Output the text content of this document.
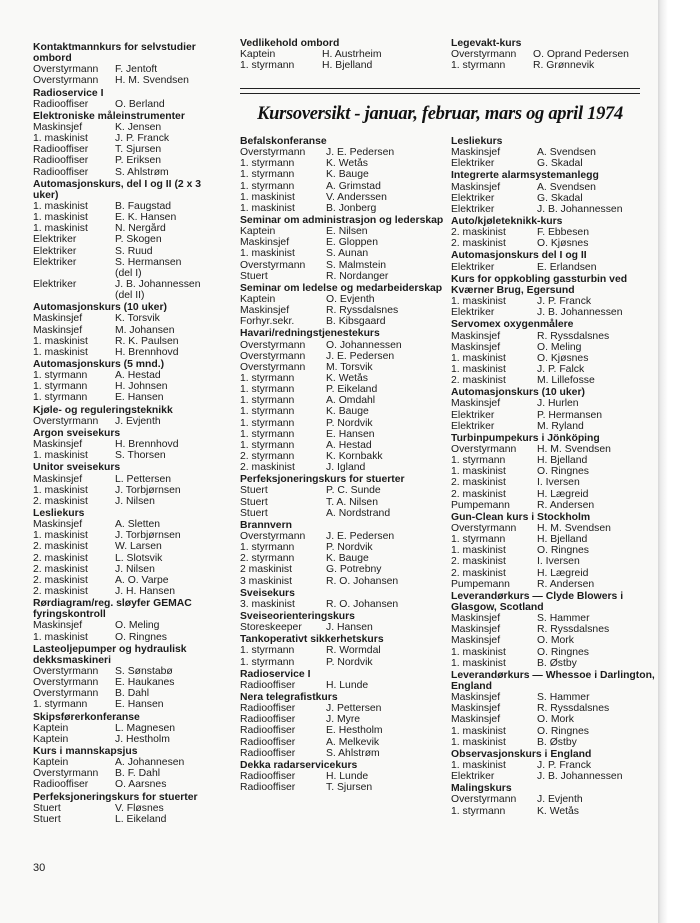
Kontaktmannkurs for selvstudier ombord
Overstyrmann F. Jentoft
Overstyrmann H. M. Svendsen
Radioservice I
Radiooffiser	O. Berland
Elektroniske måleinstrumenter
Maskinsjef	K. Jensen
1. maskinist	J. P. Franck
Radiooffiser	T. Sjursen
Radiooffiser	P. Eriksen
Radiooffiser	S. Ahlstrøm
Automasjonskurs, del I og II (2 x 3 uker)
1. maskinist	B. Faugstad
1. maskinist	E. K. Hansen
1. maskinist	N. Nergård
Elektriker	P. Skogen
Elektriker	S. Ruud
Elektriker	S. Hermansen
(del I)
Elektriker	J. B. Johannessen
(del II)
Automasjonskurs (10 uker)
Maskinsjef	K. Torsvik
Maskinsjef	M. Johansen
1. maskinist	R. K. Paulsen
1. maskinist	H. Brennhovd
Automasjonskurs (5 mnd.)
1. styrmann	A. Hestad
1. styrmann	H. Johnsen
1. styrmann	E. Hansen
Kjøle- og reguleringsteknikk
Overstyrmann J. Evjenth
Argon sveisekurs
Maskinsjef	H. Brennhovd
1. maskinist	S. Thorsen
Unitor sveisekurs
Maskinsjef	L. Pettersen
1. maskinist	J. Torbjørnsen
2. maskinist	J. Nilsen
Lesliekurs
Maskinsjef	A. Sletten
1. maskinist	J. Torbjørnsen
2. maskinist	W. Larsen
2. maskinist	L. Slotsvik
2. maskinist	J. Nilsen
2. maskinist	A. O. Varpe
2. maskinist	J. H. Hansen
Rørdiagram/reg. sløyfer GEMAC fyringskontroll
Maskinsjef	O. Meling
1. maskinist	O. Ringnes
Lasteoljepumper og hydraulisk dekksmaskineri
Overstyrmann S. Sønstabø
Overstyrmann E. Haukanes
Overstyrmann B. Dahl
1. styrmann	E. Hansen
Skipsførerkonferanse
Kaptein	L. Magnesen
Kaptein	J. Hestholm
Kurs i mannskapsjus
Kaptein	A. Johannesen
Overstyrmann B. F. Dahl
Radiooffiser	O. Aarsnes
Perfeksjoneringskurs for stuerter
Stuert	V. Fløsnes
Stuert	L. Eikeland
Vedlikehold ombord
Kaptein	H. Austrheim
1. styrmann	H. Bjelland
Legevakt-kurs
Overstyrmann O. Oprand Pedersen
1. styrmann	R. Grønnevik
Kursoversikt - januar, februar, mars og april 1974
Befalskonferanse
Overstyrmann J. E. Pedersen
1. styrmann	K. Wetås
1. styrmann	K. Bauge
1. styrmann	A. Grimstad
1. maskinist	V. Anderssen
1. maskinist	B. Jonberg
Seminar om administrasjon og lederskap
Kaptein	E. Nilsen
Maskinsjef	E. Gloppen
1. maskinist	S. Aunan
Overstyrmann S. Malmstein
Stuert	R. Nordanger
Seminar om ledelse og medarbeiderskap
Kaptein	O. Evjenth
Maskinsjef	R. Ryssdalsnes
Forhyr.sekr.	B. Kibsgaard
Havari/redningstjenestekurs
Overstyrmann O. Johannessen
Overstyrmann J. E. Pedersen
Overstyrmann M. Torsvik
1. styrmann	K. Wetås
1. styrmann	P. Eikeland
1. styrmann	A. Omdahl
1. styrmann	K. Bauge
1. styrmann	P. Nordvik
1. styrmann	E. Hansen
1. styrmann	A. Hestad
2. styrmann	K. Kornbakk
2. maskinist	J. Igland
Perfeksjoneringskurs for stuerter
Stuert	P. C. Sunde
Stuert	T. A. Nilsen
Stuert	A. Nordstrand
Brannvern
Overstyrmann J. E. Pedersen
1. styrmann	P. Nordvik
2. styrmann	K. Bauge
2 maskinist	G. Potrebny
3 maskinist	R. O. Johansen
Sveisekurs
3. maskinist	R. O. Johansen
Sveiseorienteringskurs
Storeskeeper J. Hansen
Tankoperativt sikkerhetskurs
1. styrmann	R. Wormdal
1. styrmann	P. Nordvik
Radioservice I
Radiooffiser	H. Lunde
Nera telegrafistkurs
Radiooffiser	J. Pettersen
Radiooffiser	J. Myre
Radiooffiser	E. Hestholm
Radiooffiser	A. Melkevik
Radiooffiser	S. Ahlstrøm
Dekka radarservicekurs
Radiooffiser	H. Lunde
Radiooffiser	T. Sjursen
Lesliekurs
Maskinsjef	A. Svendsen
Elektriker	G. Skadal
Integrerte alarmsystemanlegg
Maskinsjef	A. Svendsen
Elektriker	G. Skadal
Elektriker	J. B. Johannessen
Auto/kjøleteknikk-kurs
2. maskinist	F. Ebbesen
2. maskinist	O. Kjøsnes
Automasjonskurs del I og II
Elektriker	E. Erlandsen
Kurs for oppkobling gassturbin ved Kværner Brug, Egersund
1. maskinist	J. P. Franck
Elektriker	J. B. Johannessen
Servomex oxygenmålere
Maskinsjef	R. Ryssdalsnes
Maskinsjef	O. Meling
1. maskinist	O. Kjøsnes
1. maskinist	J. P. Falck
2. maskinist	M. Lillefosse
Automasjonskurs (10 uker)
Maskinsjef	J. Hurlen
Elektriker	P. Hermansen
Elektriker	M. Ryland
Turbinpumpekurs i Jönköping
Overstyrmann H. M. Svendsen
1. styrmann	H. Bjelland
1. maskinist	O. Ringnes
2. maskinist	I. Iversen
2. maskinist	H. Lægreid
Pumpemann	R. Andersen
Gun-Clean kurs i Stockholm
Overstyrmann H. M. Svendsen
1. styrmann	H. Bjelland
1. maskinist	O. Ringnes
2. maskinist	I. Iversen
2. maskinist	H. Lægreid
Pumpemann	R. Andersen
Leverandørkurs — Clyde Blowers i Glasgow, Scotland
Maskinsjef	S. Hammer
Maskinsjef	R. Ryssdalsnes
Maskinsjef	O. Mork
1. maskinist	O. Ringnes
1. maskinist	B. Østby
Leverandørkurs — Whessoe i Darlington, England
Maskinsjef	S. Hammer
Maskinsjef	R. Ryssdalsnes
Maskinsjef	O. Mork
1. maskinist	O. Ringnes
1. maskinist	B. Østby
Observasjonskurs i England
1. maskinist	J. P. Franck
Elektriker	J. B. Johannessen
Malingskurs
Overstyrmann J. Evjenth
1. styrmann	K. Wetås
30
